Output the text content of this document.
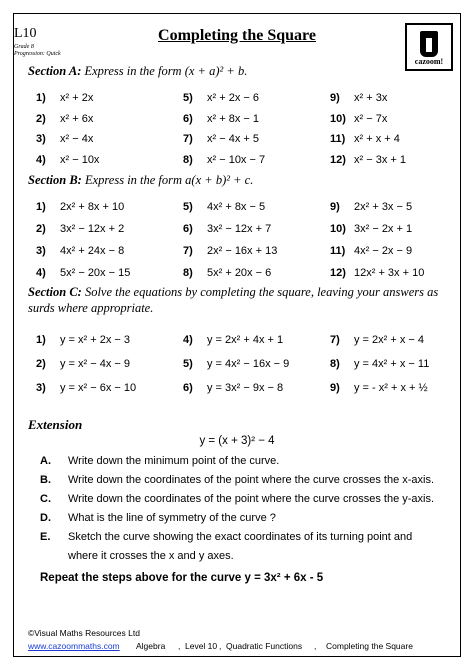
L10
Grade 8
Progression: Quick
Completing the Square
cazoom!
Section A: Express in the form (x + a)² + b.
1) x² + 2x
2) x² + 6x
3) x² − 4x
4) x² − 10x
5) x² + 2x − 6
6) x² + 8x − 1
7) x² − 4x + 5
8) x² − 10x − 7
9) x² + 3x
10) x² − 7x
11) x² + x + 4
12) x² − 3x + 1
Section B: Express in the form a(x + b)² + c.
1) 2x² + 8x + 10
2) 3x² − 12x + 2
3) 4x² + 24x − 8
4) 5x² − 20x − 15
5) 4x² + 8x − 5
6) 3x² − 12x + 7
7) 2x² − 16x + 13
8) 5x² + 20x − 6
9) 2x² + 3x − 5
10) 3x² − 2x + 1
11) 4x² − 2x − 9
12) 12x² + 3x + 10
Section C: Solve the equations by completing the square, leaving your answers as
surds where appropriate.
1) y = x² + 2x − 3
2) y = x² − 4x − 9
3) y = x² − 6x − 10
4) y = 2x² + 4x + 1
5) y = 4x² − 16x − 9
6) y = 3x² − 9x − 8
7) y = 2x² + x − 4
8) y = 4x² + x − 11
9) y = - x² + x + ½
Extension
y = (x + 3)² − 4
A. Write down the minimum point of the curve.
B. Write down the coordinates of the point where the curve crosses the x-axis.
C. Write down the coordinates of the point where the curve crosses the y-axis.
D. What is the line of symmetry of the curve ?
E. Sketch the curve showing the exact coordinates of its turning point and
where it crosses the x and y axes.
Repeat the steps above for the curve y = 3x² + 6x - 5
©Visual Maths Resources Ltd
www.cazoommaths.com Algebra , Level 10 , Quadratic Functions , Completing the Square
